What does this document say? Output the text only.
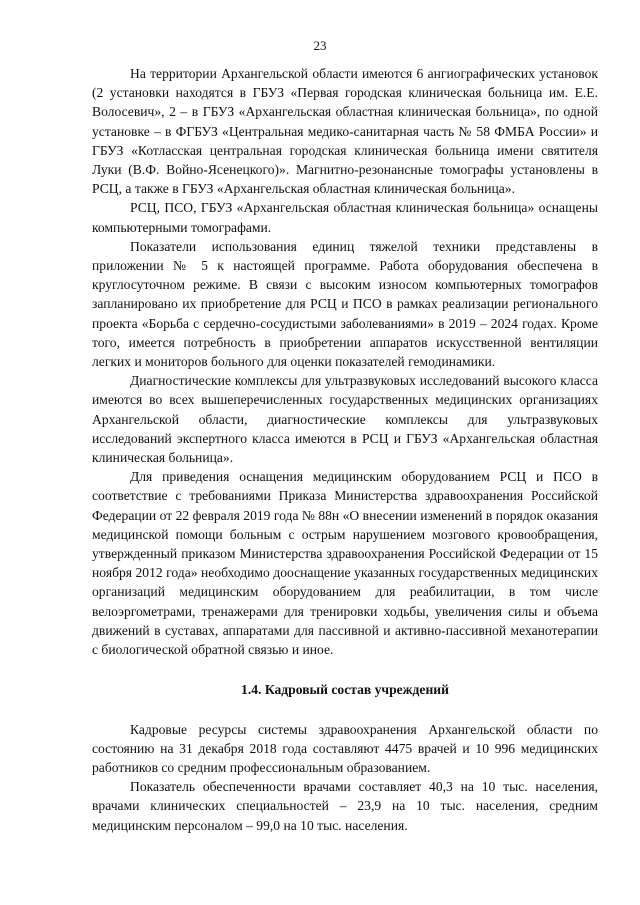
23

На территории Архангельской области имеются 6 ангиографических установок (2 установки находятся в ГБУЗ «Первая городская клиническая больница им. Е.Е. Волосевич», 2 – в ГБУЗ «Архангельская областная клиническая больница», по одной установке – в ФГБУЗ «Центральная медико-санитарная часть № 58 ФМБА России» и ГБУЗ «Котласская центральная городская клиническая больница имени святителя Луки (В.Ф. Войно-Ясенецкого)». Магнитно-резонансные томографы установлены в РСЦ, а также в ГБУЗ «Архангельская областная клиническая больница».

РСЦ, ПСО, ГБУЗ «Архангельская областная клиническая больница» оснащены компьютерными томографами.

Показатели использования единиц тяжелой техники представлены в приложении № 5 к настоящей программе. Работа оборудования обеспечена в круглосуточном режиме. В связи с высоким износом компьютерных томографов запланировано их приобретение для РСЦ и ПСО в рамках реализации регионального проекта «Борьба с сердечно-сосудистыми заболеваниями» в 2019 – 2024 годах. Кроме того, имеется потребность в приобретении аппаратов искусственной вентиляции легких и мониторов больного для оценки показателей гемодинамики.

Диагностические комплексы для ультразвуковых исследований высокого класса имеются во всех вышеперечисленных государственных медицинских организациях Архангельской области, диагностические комплексы для ультразвуковых исследований экспертного класса имеются в РСЦ и ГБУЗ «Архангельская областная клиническая больница».

Для приведения оснащения медицинским оборудованием РСЦ и ПСО в соответствие с требованиями Приказа Министерства здравоохранения Российской Федерации от 22 февраля 2019 года № 88н «О внесении изменений в порядок оказания медицинской помощи больным с острым нарушением мозгового кровообращения, утвержденный приказом Министерства здравоохранения Российской Федерации от 15 ноября 2012 года» необходимо дооснащение указанных государственных медицинских организаций медицинским оборудованием для реабилитации, в том числе велоэргометрами, тренажерами для тренировки ходьбы, увеличения силы и объема движений в суставах, аппаратами для пассивной и активно-пассивной механотерапии с биологической обратной связью и иное.

1.4. Кадровый состав учреждений

Кадровые ресурсы системы здравоохранения Архангельской области по состоянию на 31 декабря 2018 года составляют 4475 врачей и 10 996 медицинских работников со средним профессиональным образованием.

Показатель обеспеченности врачами составляет 40,3 на 10 тыс. населения, врачами клинических специальностей – 23,9 на 10 тыс. населения, средним медицинским персоналом – 99,0 на 10 тыс. населения.
